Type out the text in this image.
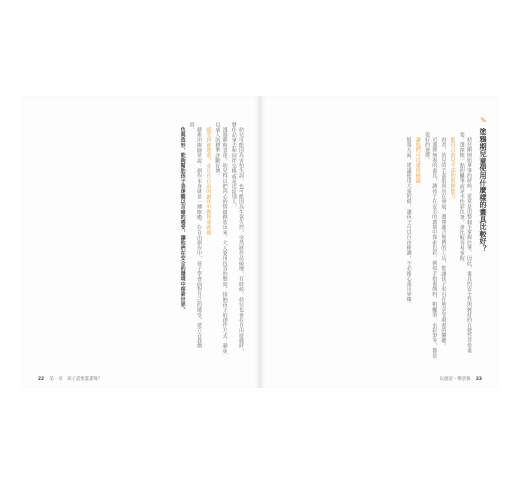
幼兒可能因為害怕失誤，也可能因為生氣失控，突然將作品破壞。有時候，幼兒也會在自由遊戲時，將作品拿去和同伴交換或是送給別人。

透過藝術表達，幼兒得以把內心的情緒釋放出來。大人要用包容的態度，接納孩子的創作方式，避免以成人的標準評斷好壞。

感受到被尊重，並且在自由的創作中獲得成就感

藝術治療師常說：創作本身就是一種療癒。在自由創作中，孩子學會面對自己的感受，建立自我價值。

色與造形，能夠幫助孩子表達難以言喻的感受，讓他們在安全的環境中探索世界。

22 第一章　孩子需要畫畫嗎？
✎ 塗鴉期兒童使用什麼樣的畫具比較好？

幼兒剛開始拿筆的時候，常常是用整個手掌握住筆，因此，畫具的安全性與握持的方便性非常重要。選擇粗一點的蠟筆或是水性彩色筆，會比較容易掌握。

能符合幼兒手部的抓握能力

再者，幼兒的手部肌肉尚在發展，選擇適合他們的工具，能讓孩子更自在地享受畫畫的樂趣。

可選擇無毒的畫具，讓孩子在安全的環境中探索色彩。例如手指畫顏料、粗蠟筆、水彩筆等，都是很好的選擇。

讓他們可以盡情揮灑

紙張方面，建議使用大張的紙，讓孩子可以自由揮灑，不必擔心畫出界線。

玩創意・樂塗鴉 23
